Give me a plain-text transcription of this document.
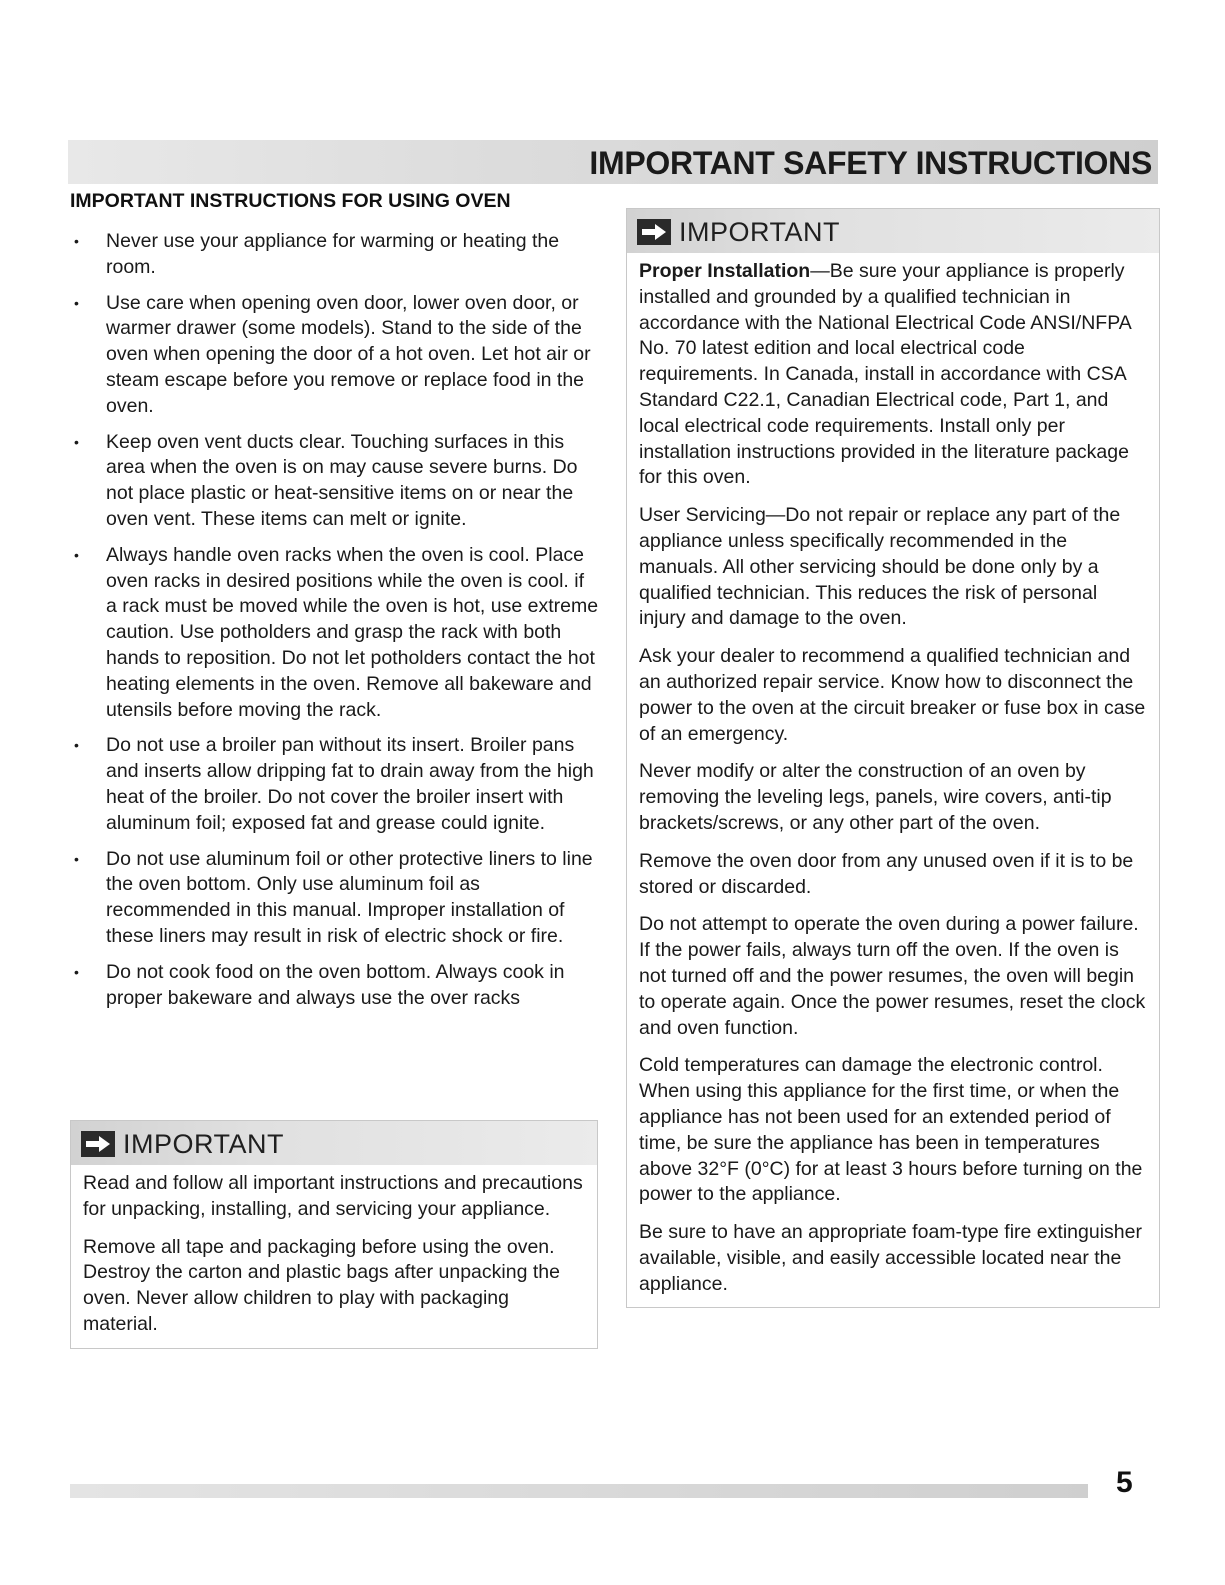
IMPORTANT SAFETY INSTRUCTIONS
IMPORTANT INSTRUCTIONS FOR USING OVEN
• Never use your appliance for warming or heating the room.
• Use care when opening oven door, lower oven door, or warmer drawer (some models). Stand to the side of the oven when opening the door of a hot oven. Let hot air or steam escape before you remove or replace food in the oven.
• Keep oven vent ducts clear. Touching surfaces in this area when the oven is on may cause severe burns. Do not place plastic or heat-sensitive items on or near the oven vent. These items can melt or ignite.
• Always handle oven racks when the oven is cool. Place oven racks in desired positions while the oven is cool. if a rack must be moved while the oven is hot, use extreme caution. Use potholders and grasp the rack with both hands to reposition. Do not let potholders contact the hot heating elements in the oven. Remove all bakeware and utensils before moving the rack.
• Do not use a broiler pan without its insert. Broiler pans and inserts allow dripping fat to drain away from the high heat of the broiler. Do not cover the broiler insert with aluminum foil; exposed fat and grease could ignite.
• Do not use aluminum foil or other protective liners to line the oven bottom. Only use aluminum foil as recommended in this manual. Improper installation of these liners may result in risk of electric shock or fire.
• Do not cook food on the oven bottom. Always cook in proper bakeware and always use the over racks
IMPORTANT

Read and follow all important instructions and precautions for unpacking, installing, and servicing your appliance.

Remove all tape and packaging before using the oven. Destroy the carton and plastic bags after unpacking the oven. Never allow children to play with packaging material.

IMPORTANT

Proper Installation—Be sure your appliance is properly installed and grounded by a qualified technician in accordance with the National Electrical Code ANSI/NFPA No. 70 latest edition and local electrical code requirements. In Canada, install in accordance with CSA Standard C22.1, Canadian Electrical code, Part 1, and local electrical code requirements. Install only per installation instructions provided in the literature package for this oven.

User Servicing—Do not repair or replace any part of the appliance unless specifically recommended in the manuals. All other servicing should be done only by a qualified technician. This reduces the risk of personal injury and damage to the oven.

Ask your dealer to recommend a qualified technician and an authorized repair service. Know how to disconnect the power to the oven at the circuit breaker or fuse box in case of an emergency.

Never modify or alter the construction of an oven by removing the leveling legs, panels, wire covers, anti-tip brackets/screws, or any other part of the oven.

Remove the oven door from any unused oven if it is to be stored or discarded.

Do not attempt to operate the oven during a power failure. If the power fails, always turn off the oven. If the oven is not turned off and the power resumes, the oven will begin to operate again. Once the power resumes, reset the clock and oven function.

Cold temperatures can damage the electronic control. When using this appliance for the first time, or when the appliance has not been used for an extended period of time, be sure the appliance has been in temperatures above 32°F (0°C) for at least 3 hours before turning on the power to the appliance.

Be sure to have an appropriate foam-type fire extinguisher available, visible, and easily accessible located near the appliance.

5
